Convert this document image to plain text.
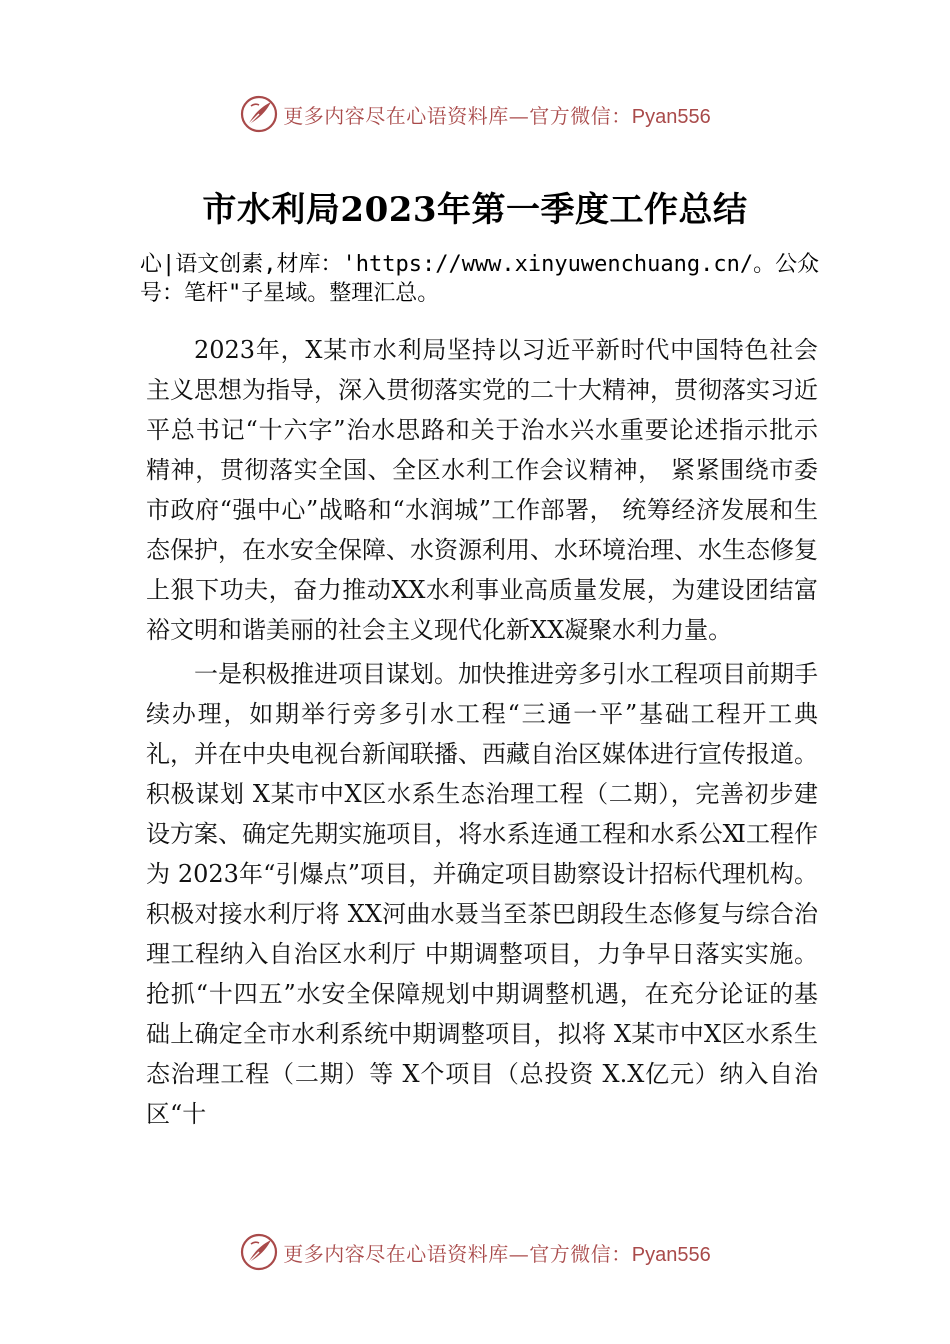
更多内容尽在心语资料库—官方微信：Pyan556
市水利局2023年第一季度工作总结

心|语文创素,材库：'https://www.xinyuwenchuang.cn/。公众号：笔杆"子星域。整理汇总。

2023年，X某市水利局坚持以习近平新时代中国特色社会主义思想为指导，深入贯彻落实党的二十大精神，贯彻落实习近平总书记“十六字”治水思路和关于治水兴水重要论述指示批示精神，贯彻落实全国、全区水利工作会议精神， 紧紧围绕市委市政府“强中心”战略和“水润城”工作部署， 统筹经济发展和生态保护，在水安全保障、水资源利用、水环境治理、水生态修复上狠下功夫，奋力推动XX水利事业高质量发展，为建设团结富裕文明和谐美丽的社会主义现代化新XX凝聚水利力量。

一是积极推进项目谋划。加快推进旁多引水工程项目前期手续办理，如期举行旁多引水工程“三通一平”基础工程开工典礼，并在中央电视台新闻联播、西藏自治区媒体进行宣传报道。积极谋划 X某市中Ⅹ区水系生态治理工程（二期），完善初步建设方案、确定先期实施项目，将水系连通工程和水系公Ⅺ工程作为 2023年“引爆点”项目，并确定项目勘察设计招标代理机构。积极对接水利厅将 XX河曲水聂当至茶巴朗段生态修复与综合治理工程纳入自治区水利厅 中期调整项目，力争早日落实实施。抢抓“十四五”水安全保障规划中期调整机遇，在充分论证的基础上确定全市水利系统中期调整项目，拟将 X某市中Ⅹ区水系生态治理工程（二期）等 X个项目（总投资 X.X亿元）纳入自治区“十

更多内容尽在心语资料库—官方微信：Pyan556
